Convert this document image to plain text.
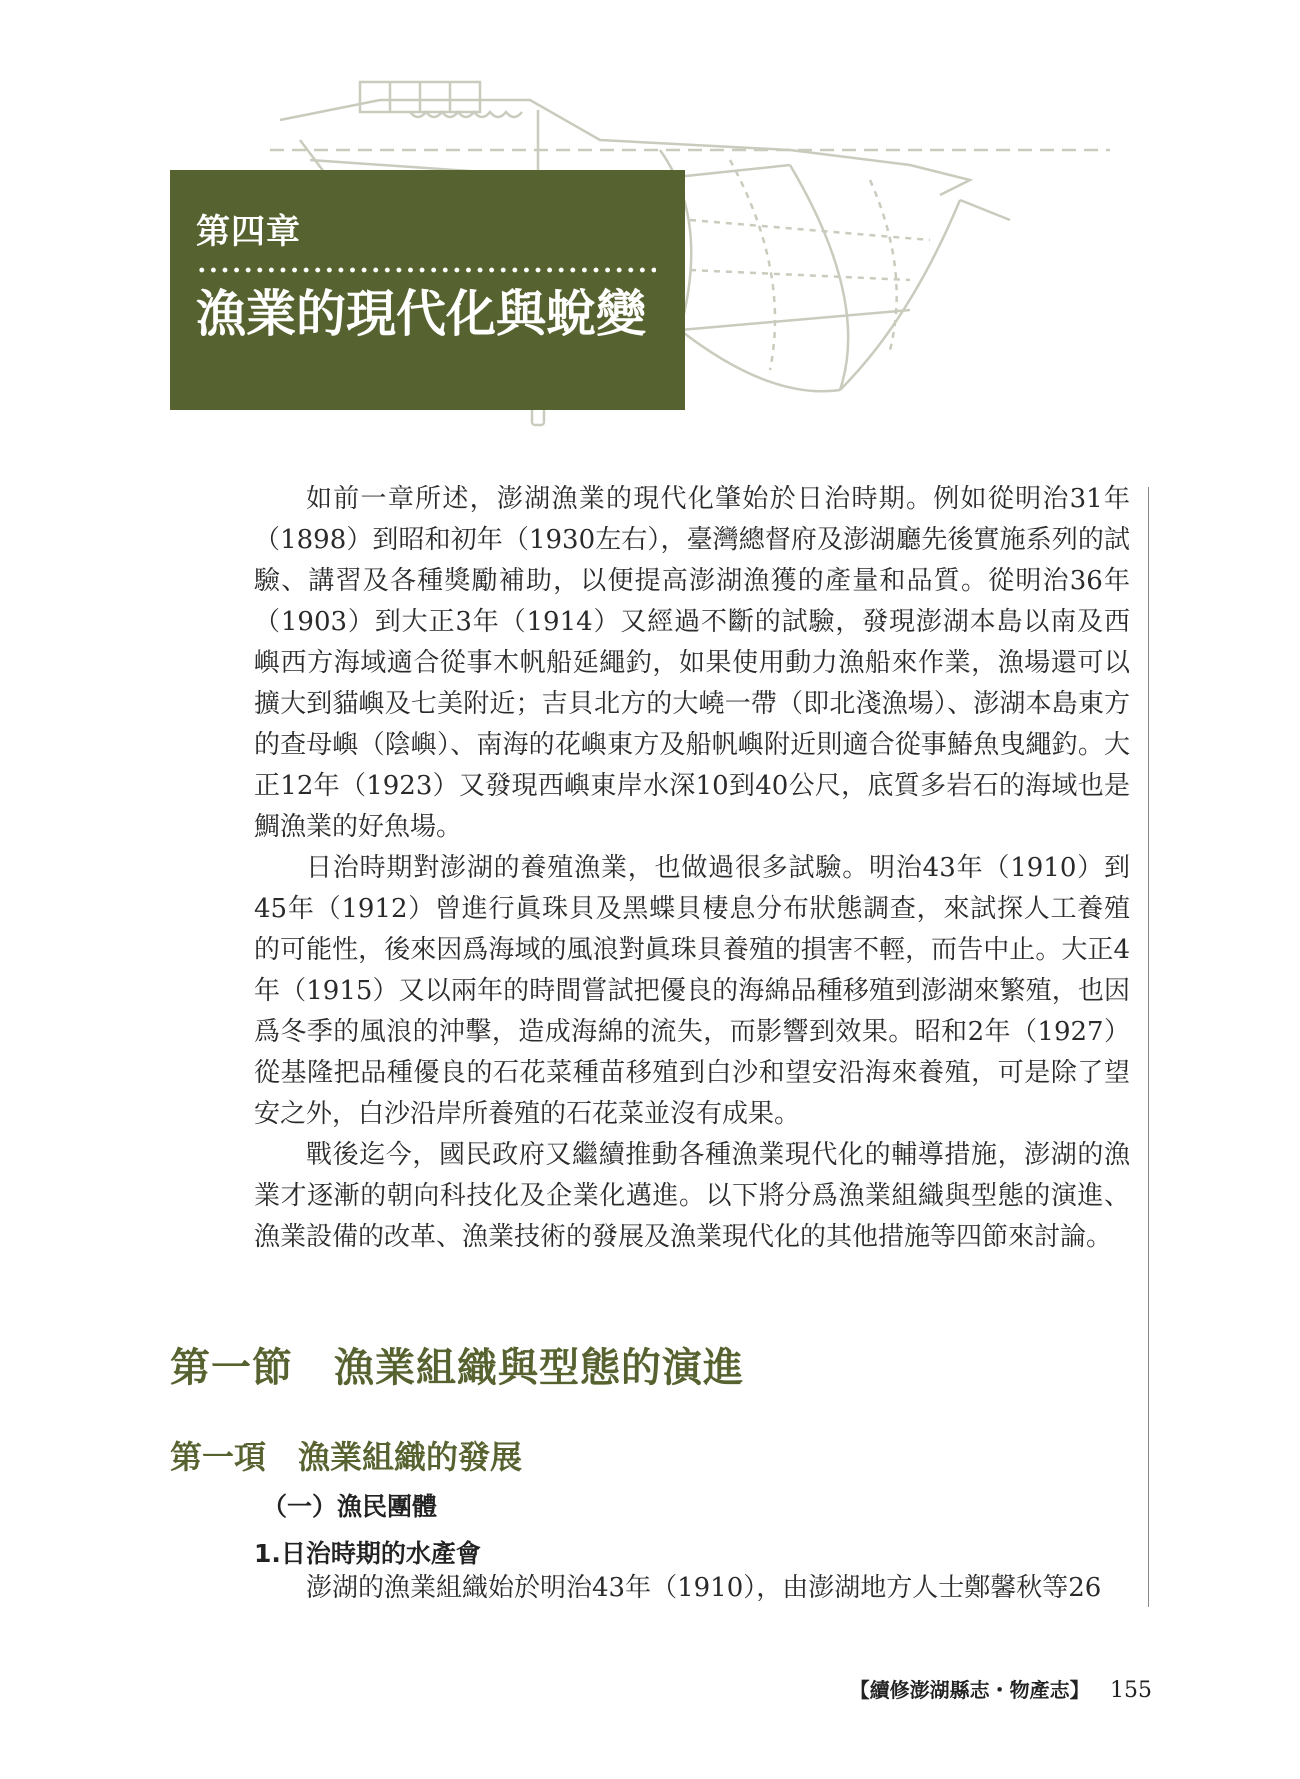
第四章
漁業的現代化與蛻變

如前一章所述，澎湖漁業的現代化肇始於日治時期。例如從明治31年（1898）到昭和初年（1930左右），臺灣總督府及澎湖廳先後實施系列的試驗、講習及各種獎勵補助，以便提高澎湖漁獲的產量和品質。從明治36年（1903）到大正3年（1914）又經過不斷的試驗，發現澎湖本島以南及西嶼西方海域適合從事木帆船延繩釣，如果使用動力漁船來作業，漁場還可以擴大到貓嶼及七美附近；吉貝北方的大嶢一帶（即北淺漁場）、澎湖本島東方的查母嶼（陰嶼）、南海的花嶼東方及船帆嶼附近則適合從事鰆魚曳繩釣。大正12年（1923）又發現西嶼東岸水深10到40公尺，底質多岩石的海域也是鯛漁業的好魚場。

日治時期對澎湖的養殖漁業，也做過很多試驗。明治43年（1910）到45年（1912）曾進行眞珠貝及黑蝶貝棲息分布狀態調查，來試探人工養殖的可能性，後來因爲海域的風浪對眞珠貝養殖的損害不輕，而告中止。大正4年（1915）又以兩年的時間嘗試把優良的海綿品種移殖到澎湖來繁殖，也因爲冬季的風浪的沖擊，造成海綿的流失，而影響到效果。昭和2年（1927）從基隆把品種優良的石花菜種苗移殖到白沙和望安沿海來養殖，可是除了望安之外，白沙沿岸所養殖的石花菜並沒有成果。

戰後迄今，國民政府又繼續推動各種漁業現代化的輔導措施，澎湖的漁業才逐漸的朝向科技化及企業化邁進。以下將分爲漁業組織與型態的演進、漁業設備的改革、漁業技術的發展及漁業現代化的其他措施等四節來討論。

第一節　漁業組織與型態的演進
第一項　漁業組織的發展
（一）漁民團體
1.日治時期的水產會

澎湖的漁業組織始於明治43年（1910），由澎湖地方人士鄭馨秋等26

【續修澎湖縣志・物產志】 155
